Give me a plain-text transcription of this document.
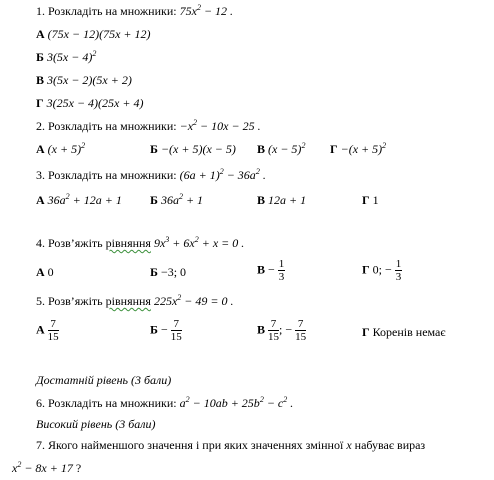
1. Розкладіть на множники: $75x^2 - 12$ .
А (75x − 12)(75x + 12)
Б $3(5x - 4)^2$
В 3(5x − 2)(5x + 2)
Г 3(25x − 4)(25x + 4)
2. Розкладіть на множники: $-x^2 - 10x - 25$ .
А $(x + 5)^2$	Б −(x + 5)(x − 5) В $(x - 5)^2$ $Г -(x + 5)^2$
3. Розкладіть на множники: $(6a + 1)^2 - 36a^2$ .
А $36a^2 + 12a + 1$ Б $36a^2 + 1$	В 12a + 1	Г 1
4. Розв’яжіть рівняння $9x^3 + 6x^2 + x = 0$ .
А 0	Б −3; 0	$В - \frac{1}{3}$	Г 0; − $\frac{1}{3}$
5. Розв’яжіть рівняння $225x^2 - 49 = 0$ .
А $\frac{7}{15}$	$Б - \frac{7}{15}$	В $\frac{7}{15}$ ; − $\frac{7}{15}$	Г Коренів немає
Достатній рівень (3 бали)
6. Розкладіть на множники: $a^2 - 10ab + 25b^2 - c^2$ .
Високий рівень (3 бали)
7. Якого найменшого значення і при яких значеннях змінної x набуває вираз
$x^2 - 8x + 17$ ?
